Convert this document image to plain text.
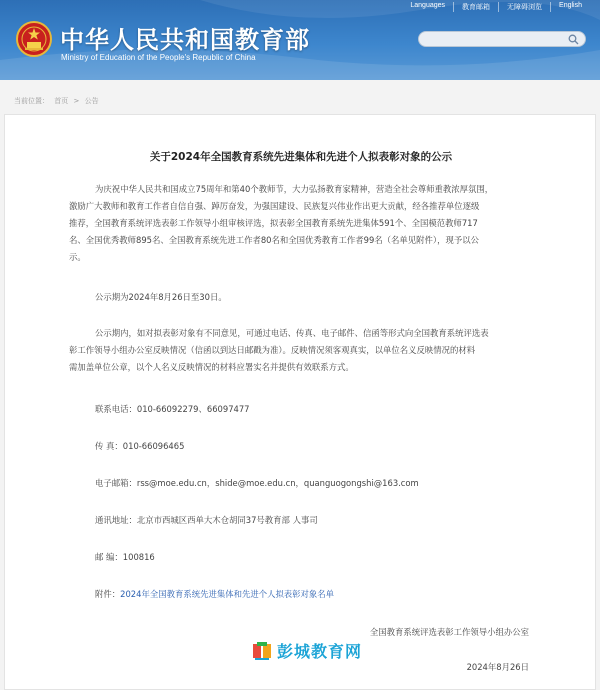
Languages	教育邮箱	无障碍浏览	English
中华人民共和国教育部
Ministry of Education of the People's Republic of China
当前位置： 首页 > 公告
关于2024年全国教育系统先进集体和先进个人拟表彰对象的公示
为庆祝中华人民共和国成立75周年和第40个教师节，大力弘扬教育家精神，营造全社会尊师重教浓厚氛围，
激励广大教师和教育工作者自信自强、踔厉奋发，为强国建设、民族复兴伟业作出更大贡献，经各推荐单位逐级
推荐，全国教育系统评选表彰工作领导小组审核评选，拟表彰全国教育系统先进集体591个、全国模范教师717
名、全国优秀教师895名、全国教育系统先进工作者80名和全国优秀教育工作者99名（名单见附件），现予以公
示。
公示期为2024年8月26日至30日。
公示期内，如对拟表彰对象有不同意见，可通过电话、传真、电子邮件、信函等形式向全国教育系统评选表
彰工作领导小组办公室反映情况（信函以到达日邮戳为准）。反映情况须客观真实，以单位名义反映情况的材料
需加盖单位公章，以个人名义反映情况的材料应署实名并提供有效联系方式。
联系电话：010-66092279、66097477
传 真：010-66096465
电子邮箱：rss@moe.edu.cn，shide@moe.edu.cn，quanguogongshi@163.com
通讯地址：北京市西城区西单大木仓胡同37号教育部 人事司
邮 编：100816
附件：2024年全国教育系统先进集体和先进个人拟表彰对象名单
全国教育系统评选表彰工作领导小组办公室
2024年8月26日
彭城教育网
